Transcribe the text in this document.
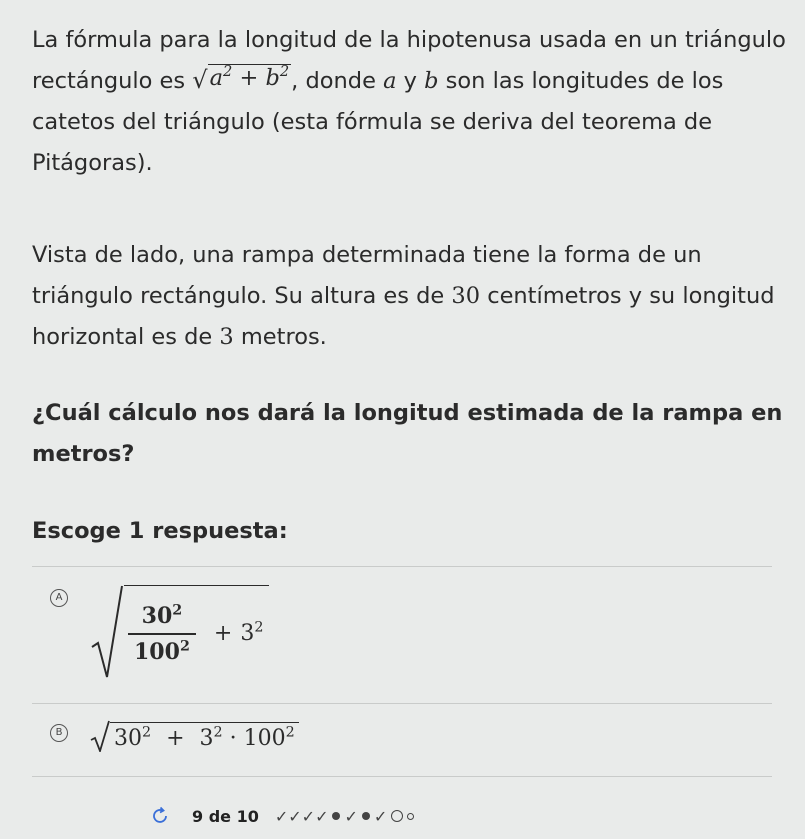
La fórmula para la longitud de la hipotenusa usada en un triángulo rectángulo es √ $a^2 + b^2$ , donde a y b son las longitudes de los catetos del triángulo (esta fórmula se deriva del teorema de Pitágoras).

Vista de lado, una rampa determinada tiene la forma de un triángulo rectángulo. Su altura es de 30 centímetros y su longitud horizontal es de 3 metros.

¿Cuál cálculo nos dará la longitud estimada de la rampa en metros?

Escoge 1 respuesta:

A
$\frac{30^2}{100^2} + 3^2$
B $30^2 + 3^2 \cdot 100^2$
9 de 10 ✓✓✓✓ ✓ ✓
